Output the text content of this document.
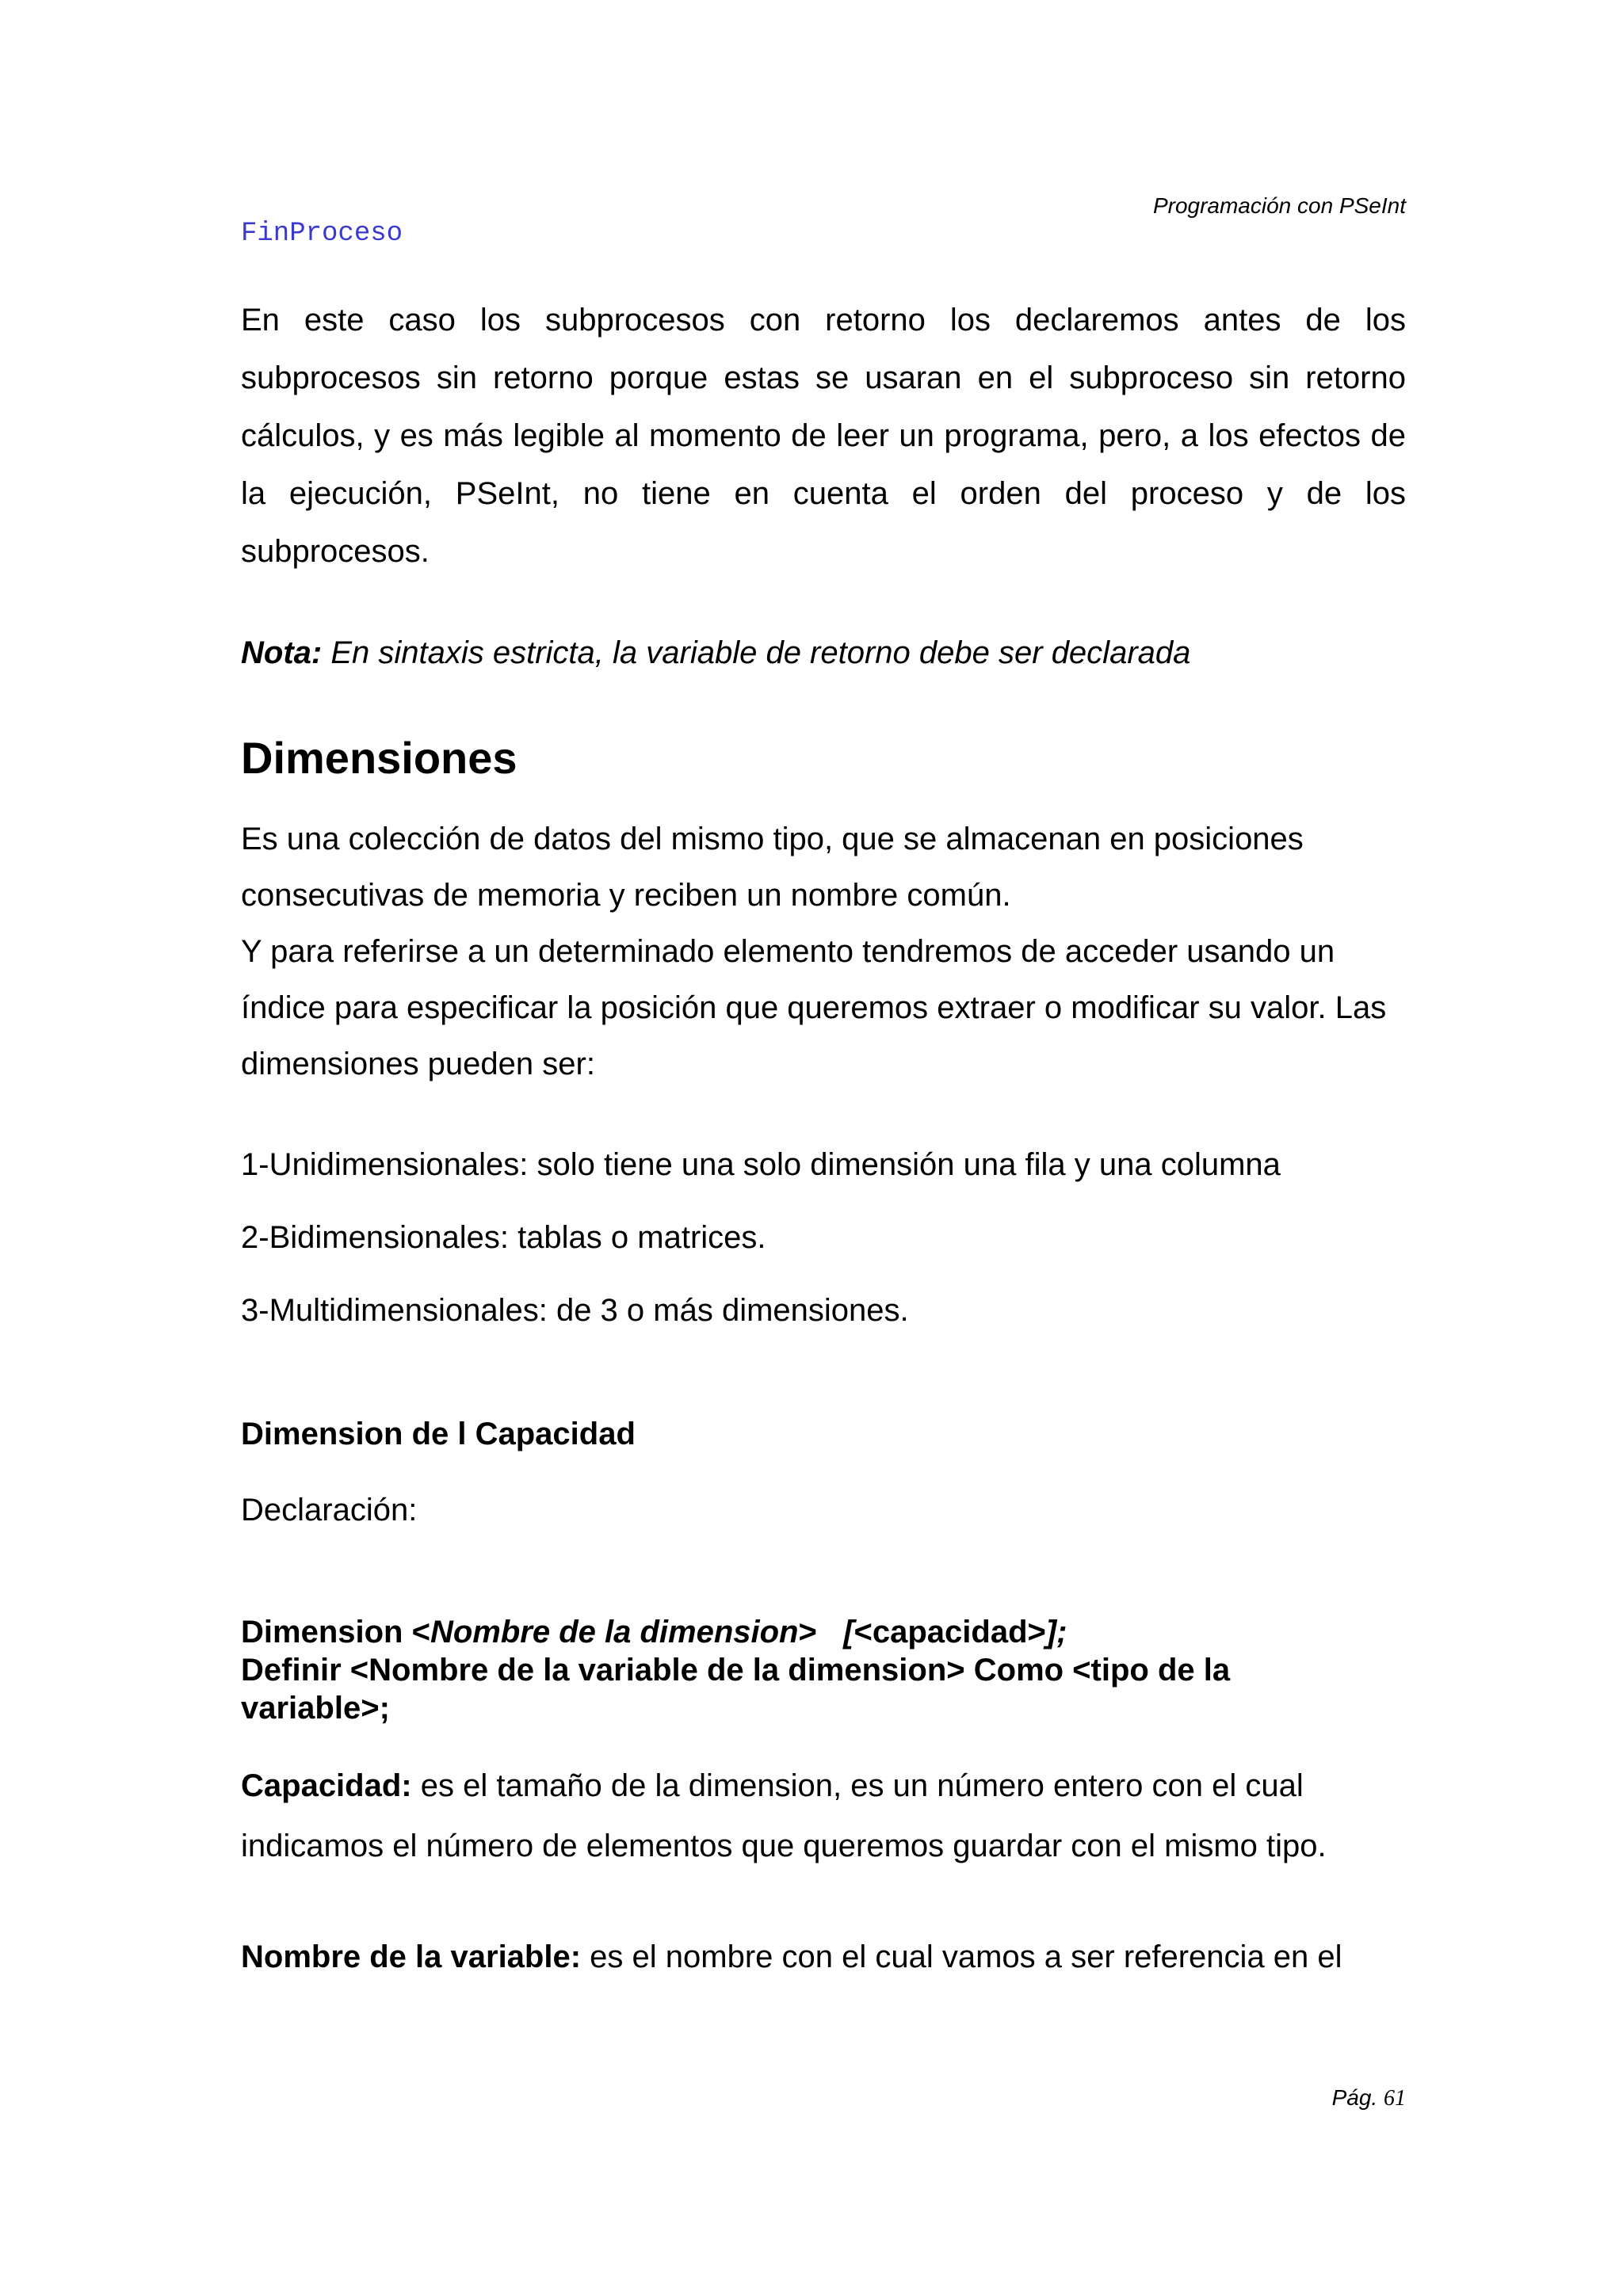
Programación con PSeInt
FinProceso
En este caso los subprocesos con retorno los declaremos antes de los subprocesos sin retorno porque estas se usaran en el subproceso sin retorno cálculos, y es más legible al momento de leer un programa, pero, a los efectos de la ejecución, PSeInt, no tiene en cuenta el orden del proceso y de los subprocesos.
Nota: En sintaxis estricta, la variable de retorno debe ser declarada
Dimensiones
Es una colección de datos del mismo tipo, que se almacenan en posiciones
consecutivas de memoria y reciben un nombre común.
Y para referirse a un determinado elemento tendremos de acceder usando un
índice para especificar la posición que queremos extraer o modificar su valor. Las
dimensiones pueden ser:
1-Unidimensionales: solo tiene una solo dimensión una fila y una columna
2-Bidimensionales: tablas o matrices.
3-Multidimensionales: de 3 o más dimensiones.
Dimension de l Capacidad
Declaración:
Dimension <Nombre de la dimension>   [<capacidad>];
Definir <Nombre de la variable de la dimension> Como <tipo de la variable>;
Capacidad: es el tamaño de la dimension, es un número entero con el cual indicamos el número de elementos que queremos guardar con el mismo tipo.
Nombre de la variable: es el nombre con el cual vamos a ser referencia en el
Pág. 61
